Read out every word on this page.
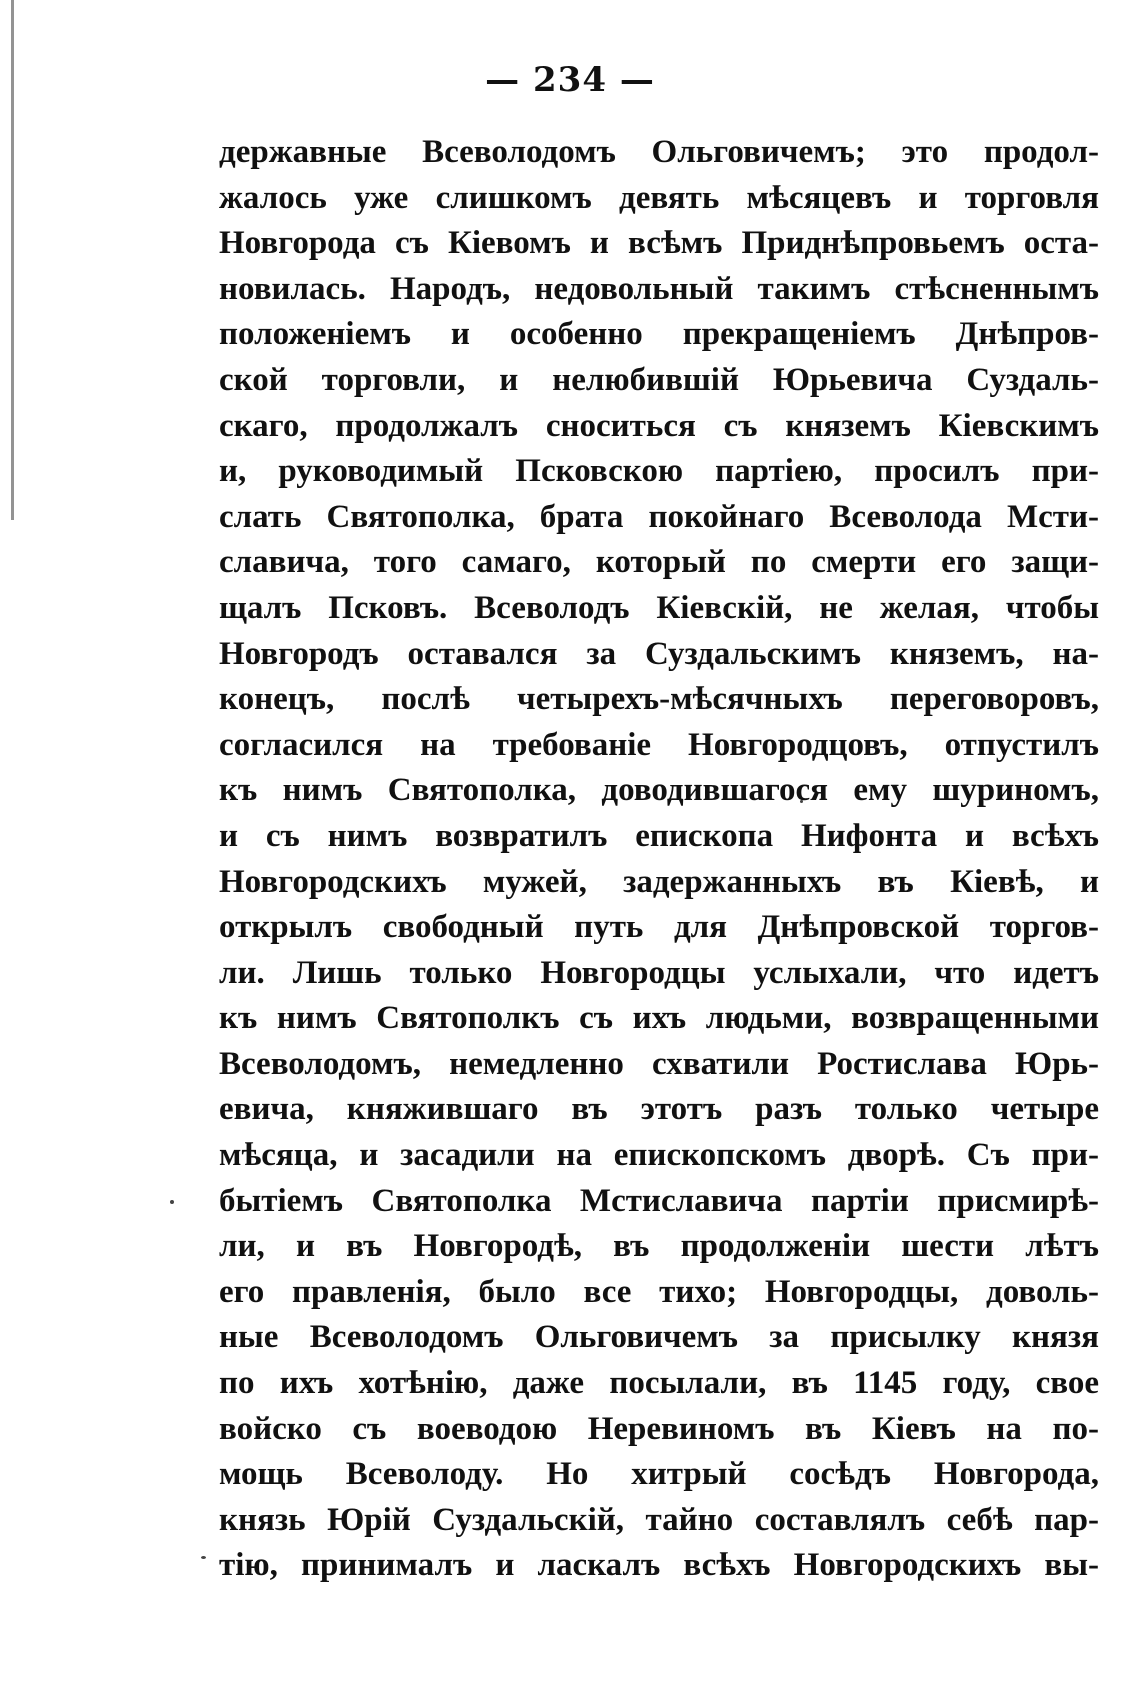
— 234 —
державные Всеволодомъ Ольговичемъ; это продол-
жалось уже слишкомъ девять мѣсяцевъ и торговля
Новгорода съ Кіевомъ и всѣмъ Приднѣпровьемъ оста-
новилась. Народъ, недовольный такимъ стѣсненнымъ
положеніемъ и особенно прекращеніемъ Днѣпров-
ской торговли, и нелюбившій Юрьевича Суздаль-
скаго, продолжалъ сноситься съ княземъ Кіевскимъ
и, руководимый Псковскою партіею, просилъ при-
слать Святополка, брата покойнаго Всеволода Мсти-
славича, того самаго, который по смерти его защи-
щалъ Псковъ. Всеволодъ Кіевскій, не желая, чтобы
Новгородъ оставался за Суздальскимъ княземъ, на-
конецъ, послѣ четырехъ-мѣсячныхъ переговоровъ,
согласился на требованіе Новгородцовъ, отпустилъ
къ нимъ Святополка, доводившагося ему шуриномъ,
и съ нимъ возвратилъ епископа Нифонта и всѣхъ
Новгородскихъ мужей, задержанныхъ въ Кіевѣ, и
открылъ свободный путь для Днѣпровской торгов-
ли. Лишь только Новгородцы услыхали, что идетъ
къ нимъ Святополкъ съ ихъ людьми, возвращенными
Всеволодомъ, немедленно схватили Ростислава Юрь-
евича, княжившаго въ этотъ разъ только четыре
мѣсяца, и засадили на епископскомъ дворѣ. Съ при-
бытіемъ Святополка Мстиславича партіи присмирѣ-
ли, и въ Новгородѣ, въ продолженіи шести лѣтъ
его правленія, было все тихо; Новгородцы, доволь-
ные Всеволодомъ Ольговичемъ за присылку князя
по ихъ хотѣнію, даже посылали, въ 1145 году, свое
войско съ воеводою Неревиномъ въ Кіевъ на по-
мощь Всеволоду. Но хитрый сосѣдъ Новгорода,
князь Юрій Суздальскій, тайно составлялъ себѣ пар-
тію, принималъ и ласкалъ всѣхъ Новгородскихъ вы-
